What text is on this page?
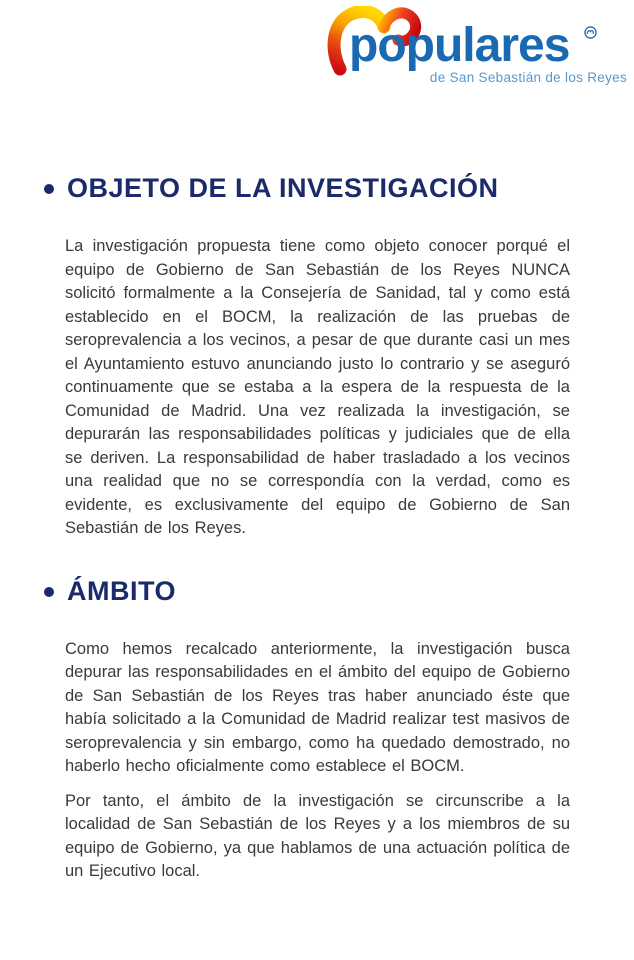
populares
de San Sebastián de los Reyes
OBJETO DE LA INVESTIGACIÓN

La investigación propuesta tiene como objeto conocer porqué el equipo de Gobierno de San Sebastián de los Reyes NUNCA solicitó formalmente a la Consejería de Sanidad, tal y como está establecido en el BOCM, la realización de las pruebas de seroprevalencia a los vecinos, a pesar de que durante casi un mes el Ayuntamiento estuvo anunciando justo lo contrario y se aseguró continuamente que se estaba a la espera de la respuesta de la Comunidad de Madrid. Una vez realizada la investigación, se depurarán las responsabilidades políticas y judiciales que de ella se deriven. La responsabilidad de haber trasladado a los vecinos una realidad que no se correspondía con la verdad, como es evidente, es exclusivamente del equipo de Gobierno de San Sebastián de los Reyes.

ÁMBITO

Como hemos recalcado anteriormente, la investigación busca depurar las responsabilidades en el ámbito del equipo de Gobierno de San Sebastián de los Reyes tras haber anunciado éste que había solicitado a la Comunidad de Madrid realizar test masivos de seroprevalencia y sin embargo, como ha quedado demostrado, no haberlo hecho oficialmente como establece el BOCM.

Por tanto, el ámbito de la investigación se circunscribe a la localidad de San Sebastián de los Reyes y a los miembros de su equipo de Gobierno, ya que hablamos de una actuación política de un Ejecutivo local.
